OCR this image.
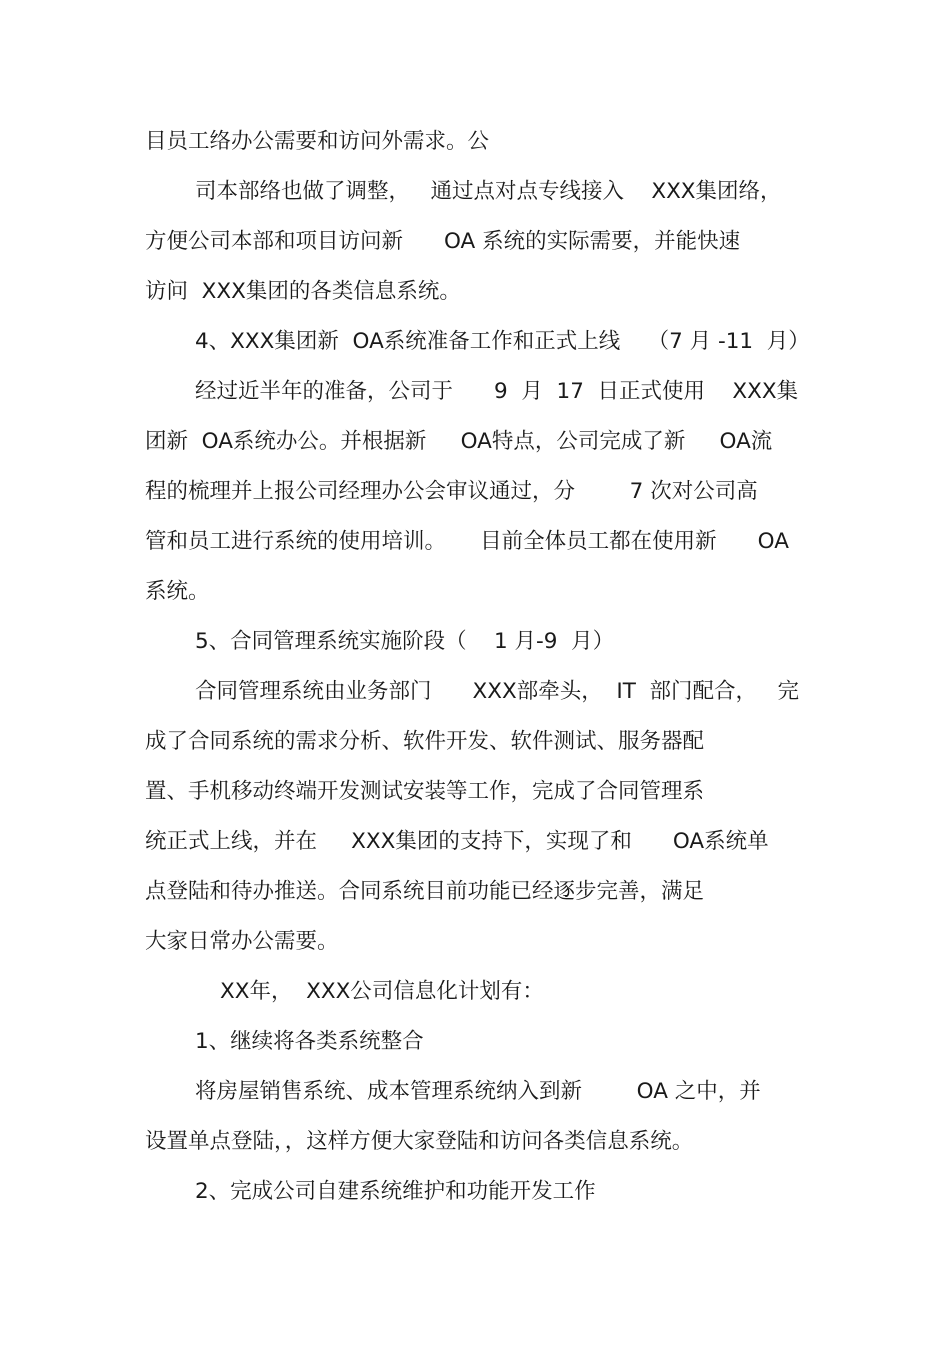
目员工络办公需要和访问外需求。公

司本部络也做了调整，   通过点对点专线接入    XXX集团络，

方便公司本部和项目访问新      OA 系统的实际需要，并能快速

访问  XXX集团的各类信息系统。

4、XXX集团新  OA系统准备工作和正式上线    （7 月 -11  月）

经过近半年的准备，公司于      9  月  17  日正式使用    XXX集

团新  OA系统办公。并根据新     OA特点，公司完成了新     OA流

程的梳理并上报公司经理办公会审议通过，分        7 次对公司高

管和员工进行系统的使用培训。     目前全体员工都在使用新      OA

系统。

5、合同管理系统实施阶段（    1 月-9  月）

合同管理系统由业务部门      XXX部牵头，  IT  部门配合，   完

成了合同系统的需求分析、软件开发、软件测试、服务器配

置、手机移动终端开发测试安装等工作，完成了合同管理系

统正式上线，并在     XXX集团的支持下，实现了和      OA系统单

点登陆和待办推送。合同系统目前功能已经逐步完善，满足

大家日常办公需要。

XX年，  XXX公司信息化计划有：

1、继续将各类系统整合

将房屋销售系统、成本管理系统纳入到新        OA 之中，并

设置单点登陆，，这样方便大家登陆和访问各类信息系统。

2、完成公司自建系统维护和功能开发工作
